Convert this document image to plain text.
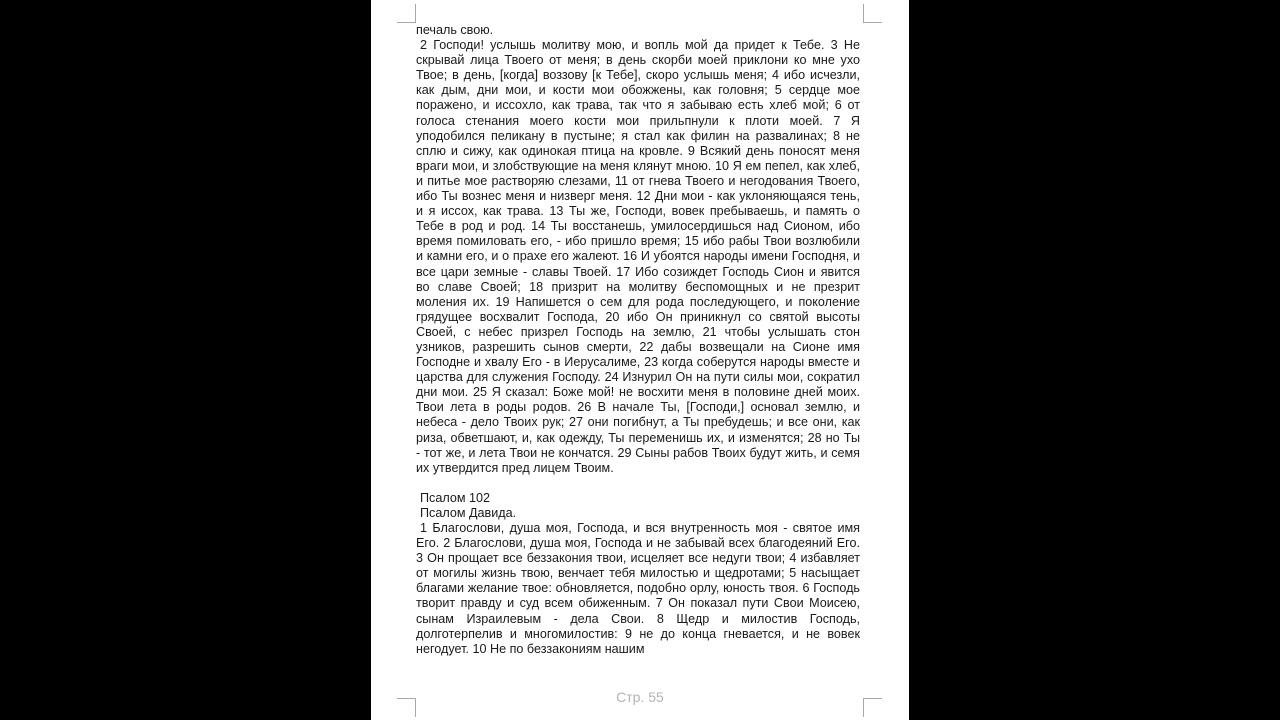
печаль свою.

2 Господи! услышь молитву мою, и вопль мой да придет к Тебе. 3 Не скрывай лица Твоего от меня; в день скорби моей приклони ко мне ухо Твое; в день, [когда] воззову [к Тебе], скоро услышь меня; 4 ибо исчезли, как дым, дни мои, и кости мои обожжены, как головня; 5 сердце мое поражено, и иссохло, как трава, так что я забываю есть хлеб мой; 6 от голоса стенания моего кости мои прильпнули к плоти моей. 7 Я уподобился пеликану в пустыне; я стал как филин на развалинах; 8 не сплю и сижу, как одинокая птица на кровле. 9 Всякий день поносят меня враги мои, и злобствующие на меня клянут мною. 10 Я ем пепел, как хлеб, и питье мое растворяю слезами, 11 от гнева Твоего и негодования Твоего, ибо Ты вознес меня и низверг меня. 12 Дни мои - как уклоняющаяся тень, и я иссох, как трава. 13 Ты же, Господи, вовек пребываешь, и память о Тебе в род и род. 14 Ты восстанешь, умилосердишься над Сионом, ибо время помиловать его, - ибо пришло время; 15 ибо рабы Твои возлюбили и камни его, и о прахе его жалеют. 16 И убоятся народы имени Господня, и все цари земные - славы Твоей. 17 Ибо созиждет Господь Сион и явится во славе Своей; 18 призрит на молитву беспомощных и не презрит моления их. 19 Напишется о сем для рода последующего, и поколение грядущее восхвалит Господа, 20 ибо Он приникнул со святой высоты Своей, с небес призрел Господь на землю, 21 чтобы услышать стон узников, разрешить сынов смерти, 22 дабы возвещали на Сионе имя Господне и хвалу Его - в Иерусалиме, 23 когда соберутся народы вместе и царства для служения Господу. 24 Изнурил Он на пути силы мои, сократил дни мои. 25 Я сказал: Боже мой! не восхити меня в половине дней моих. Твои лета в роды родов. 26 В начале Ты, [Господи,] основал землю, и небеса - дело Твоих рук; 27 они погибнут, а Ты пребудешь; и все они, как риза, обветшают, и, как одежду, Ты переменишь их, и изменятся; 28 но Ты - тот же, и лета Твои не кончатся. 29 Сыны рабов Твоих будут жить, и семя их утвердится пред лицем Твоим.

Псалом 102

Псалом Давида.

1 Благослови, душа моя, Господа, и вся внутренность моя - святое имя Его. 2 Благослови, душа моя, Господа и не забывай всех благодеяний Его. 3 Он прощает все беззакония твои, исцеляет все недуги твои; 4 избавляет от могилы жизнь твою, венчает тебя милостью и щедротами; 5 насыщает благами желание твое: обновляется, подобно орлу, юность твоя. 6 Господь творит правду и суд всем обиженным. 7 Он показал пути Свои Моисею, сынам Израилевым - дела Свои. 8 Щедр и милостив Господь, долготерпелив и многомилостив: 9 не до конца гневается, и не вовек негодует. 10 Не по беззакониям нашим

Стр. 55
